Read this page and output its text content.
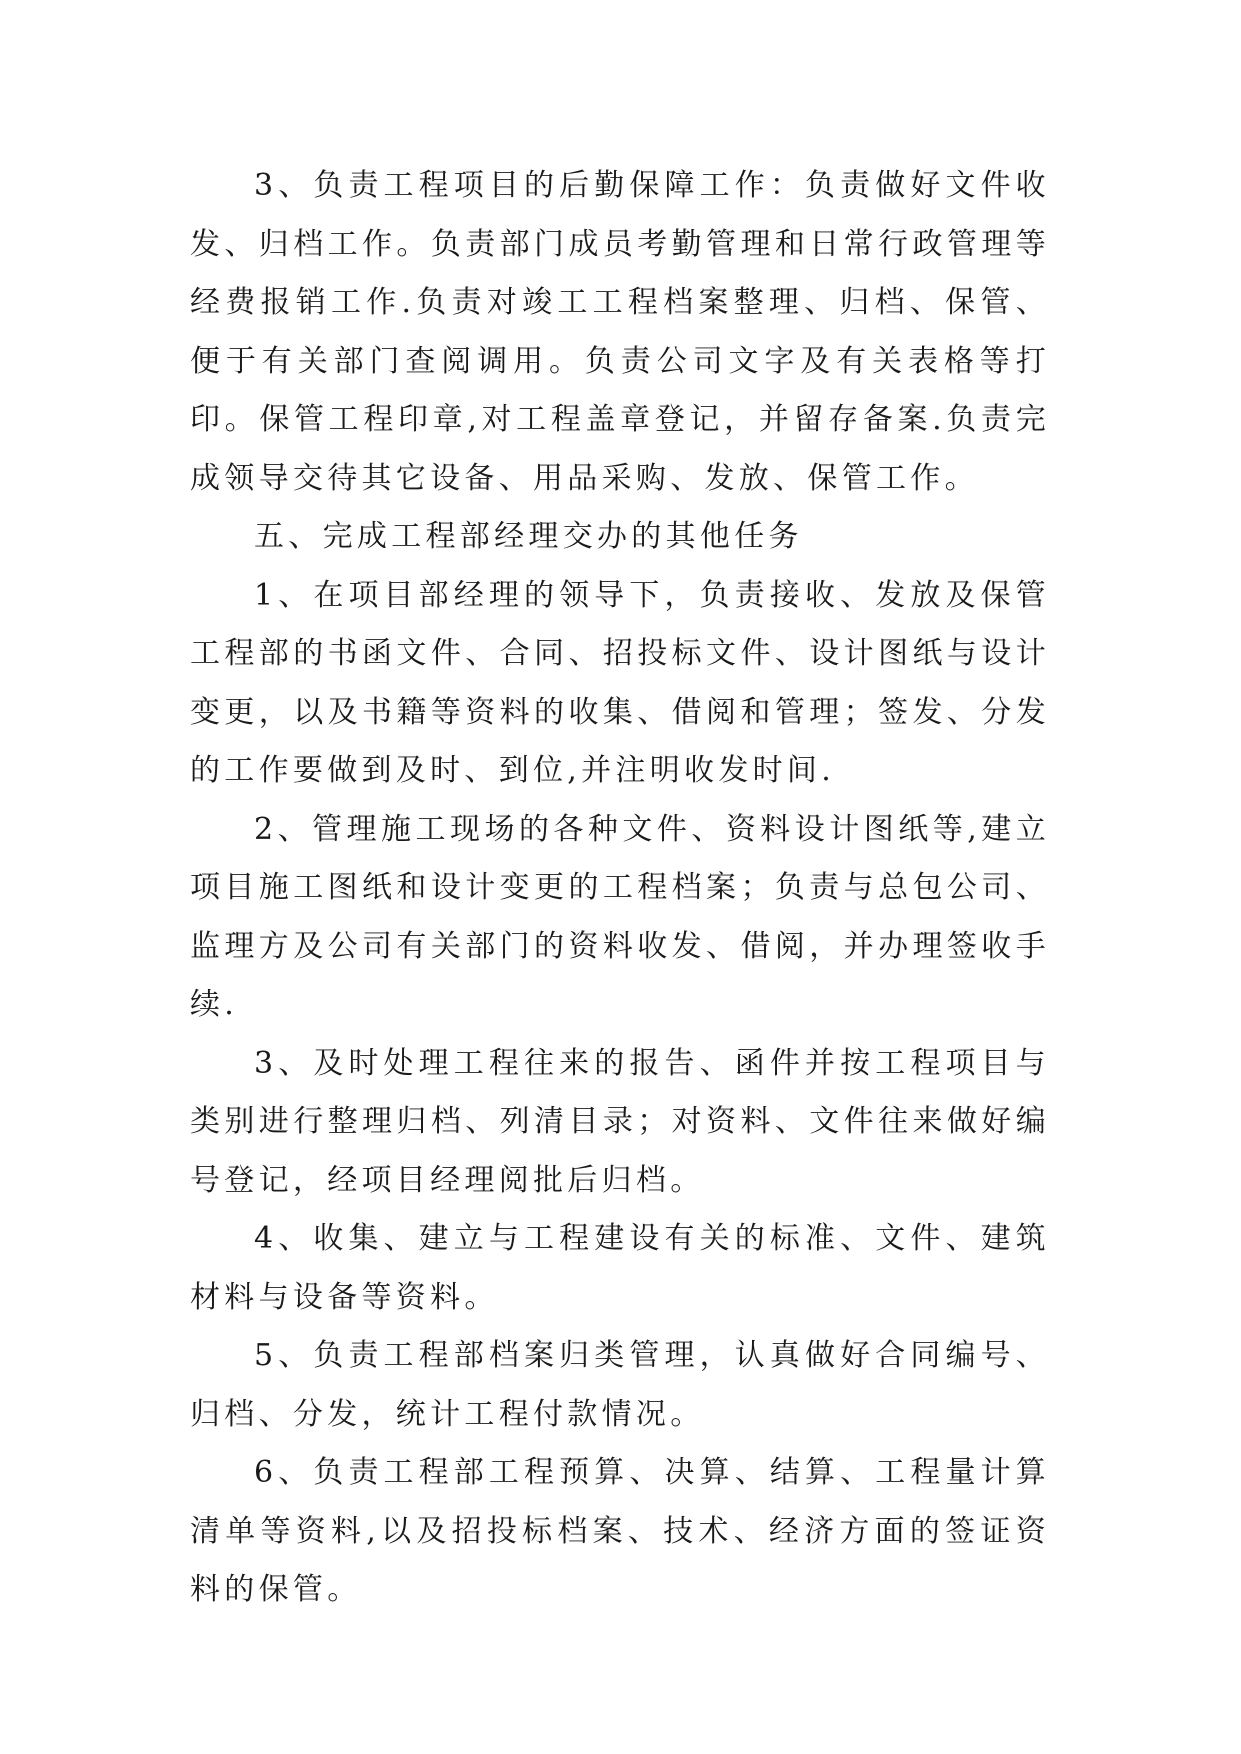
3、负责工程项目的后勤保障工作：负责做好文件收发、归档工作。负责部门成员考勤管理和日常行政管理等经费报销工作.负责对竣工工程档案整理、归档、保管、便于有关部门查阅调用。负责公司文字及有关表格等打印。保管工程印章,对工程盖章登记，并留存备案.负责完成领导交待其它设备、用品采购、发放、保管工作。

五、完成工程部经理交办的其他任务

1、在项目部经理的领导下，负责接收、发放及保管工程部的书函文件、合同、招投标文件、设计图纸与设计变更，以及书籍等资料的收集、借阅和管理；签发、分发的工作要做到及时、到位,并注明收发时间.

2、管理施工现场的各种文件、资料设计图纸等,建立项目施工图纸和设计变更的工程档案；负责与总包公司、监理方及公司有关部门的资料收发、借阅，并办理签收手续.

3、及时处理工程往来的报告、函件并按工程项目与类别进行整理归档、列清目录；对资料、文件往来做好编号登记，经项目经理阅批后归档。

4、收集、建立与工程建设有关的标准、文件、建筑材料与设备等资料。

5、负责工程部档案归类管理，认真做好合同编号、归档、分发，统计工程付款情况。

6、负责工程部工程预算、决算、结算、工程量计算清单等资料,以及招投标档案、技术、经济方面的签证资料的保管。
